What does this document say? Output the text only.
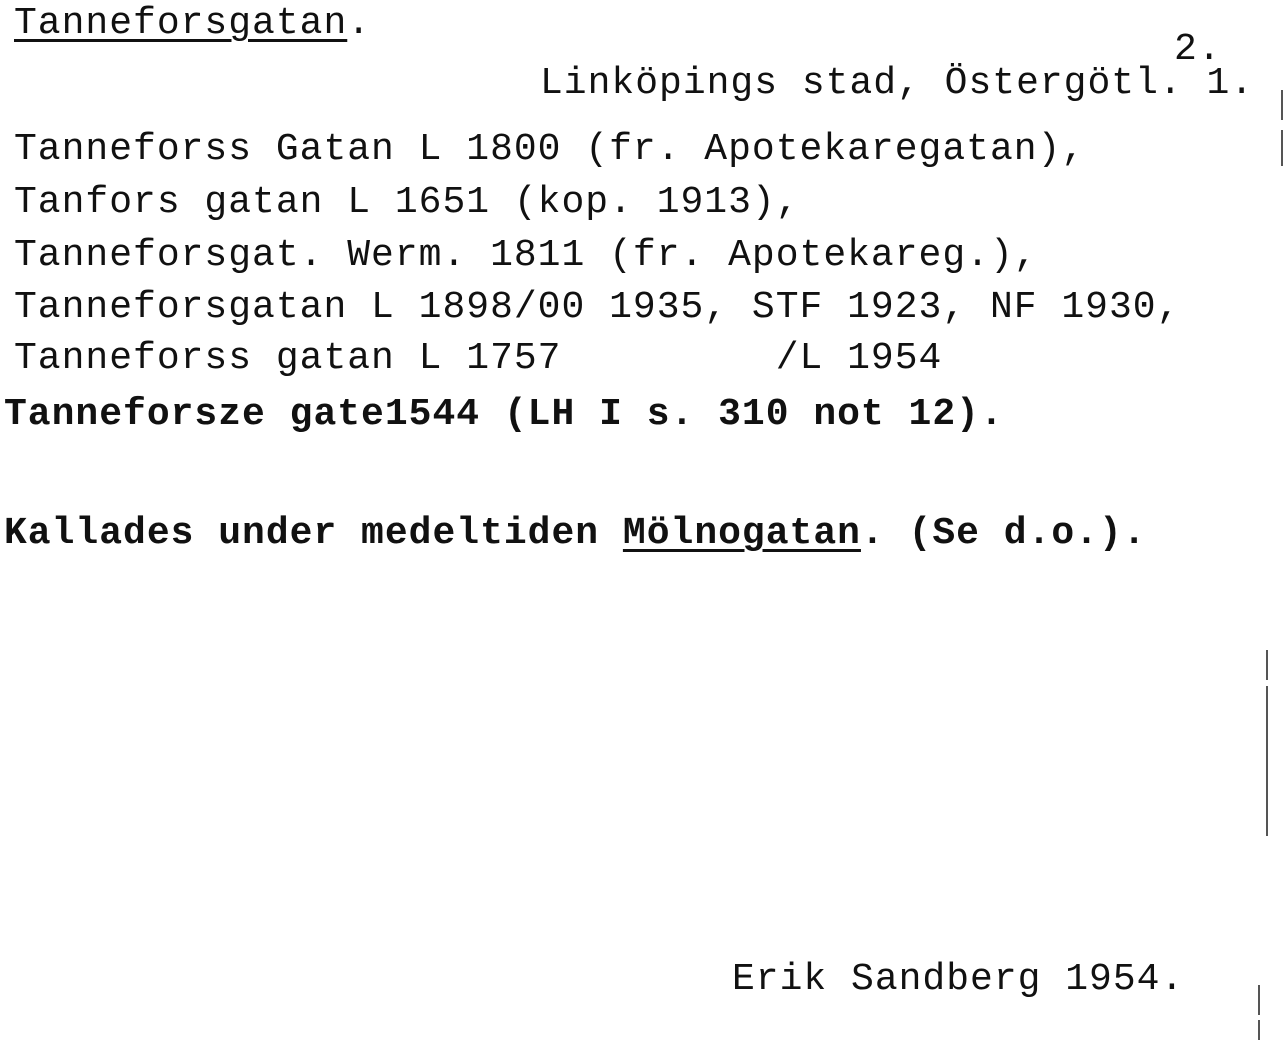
Tanneforsgatan.
2.
Linköpings stad, Östergötl. 1.
Tanneforss Gatan L 1800 (fr. Apotekaregatan),
Tanfors gatan L 1651 (kop. 1913),
Tanneforsgat. Werm. 1811 (fr. Apotekareg.),
Tanneforsgatan L 1898/00 1935, STF 1923, NF 1930,
Tanneforss gatan L 1757         /L 1954
Tanneforsze gate1544 (LH I s. 310 not 12).
Kallades under medeltiden Mölnogatan. (Se d.o.).
Erik Sandberg 1954.
